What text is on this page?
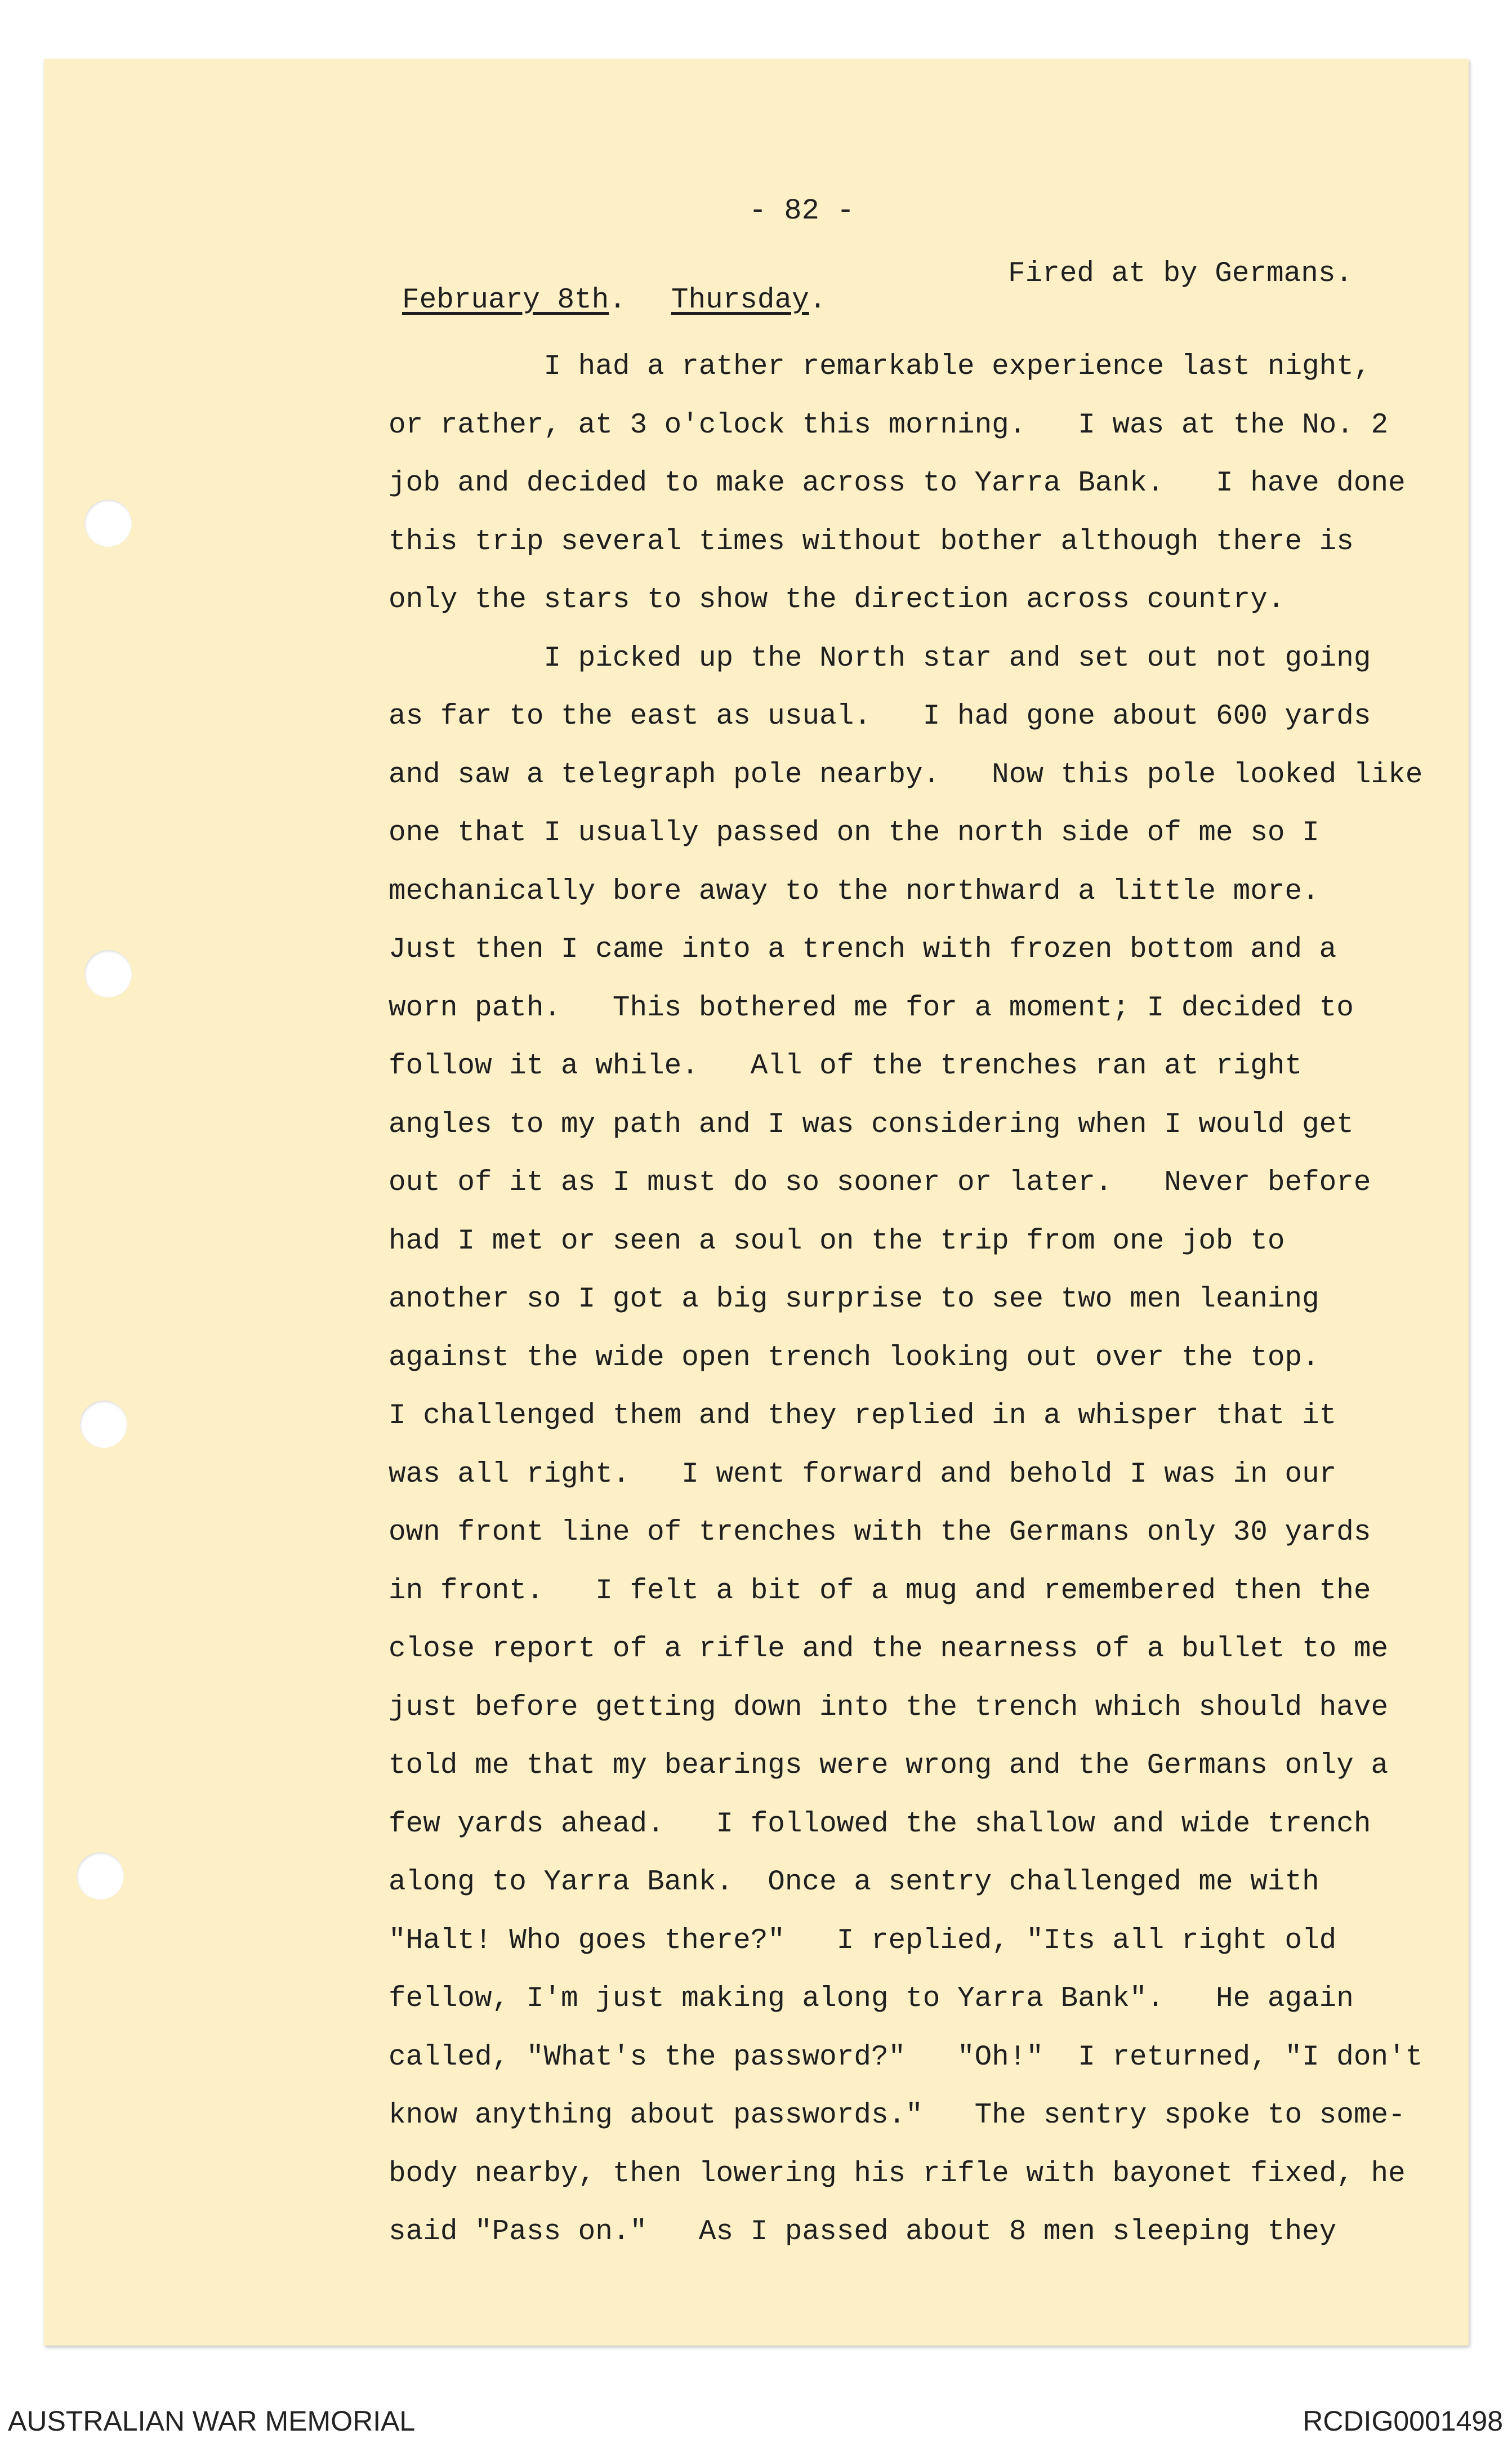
- 82 -
Fired at by Germans.
February 8th. Thursday.
I had a rather remarkable experience last night,
or rather, at 3 o'clock this morning.   I was at the No. 2
job and decided to make across to Yarra Bank.   I have done
this trip several times without bother although there is
only the stars to show the direction across country.
I picked up the North star and set out not going
as far to the east as usual.   I had gone about 600 yards
and saw a telegraph pole nearby.   Now this pole looked like
one that I usually passed on the north side of me so I
mechanically bore away to the northward a little more.
Just then I came into a trench with frozen bottom and a
worn path.   This bothered me for a moment; I decided to
follow it a while.   All of the trenches ran at right
angles to my path and I was considering when I would get
out of it as I must do so sooner or later.   Never before
had I met or seen a soul on the trip from one job to
another so I got a big surprise to see two men leaning
against the wide open trench looking out over the top.
I challenged them and they replied in a whisper that it
was all right.   I went forward and behold I was in our
own front line of trenches with the Germans only 30 yards
in front.   I felt a bit of a mug and remembered then the
close report of a rifle and the nearness of a bullet to me
just before getting down into the trench which should have
told me that my bearings were wrong and the Germans only a
few yards ahead.   I followed the shallow and wide trench
along to Yarra Bank.  Once a sentry challenged me with
"Halt! Who goes there?"   I replied, "Its all right old
fellow, I'm just making along to Yarra Bank".   He again
called, "What's the password?"   "Oh!"  I returned, "I don't
know anything about passwords."   The sentry spoke to some-
body nearby, then lowering his rifle with bayonet fixed, he
said "Pass on."   As I passed about 8 men sleeping they
AUSTRALIAN WAR MEMORIAL	RCDIG0001498
